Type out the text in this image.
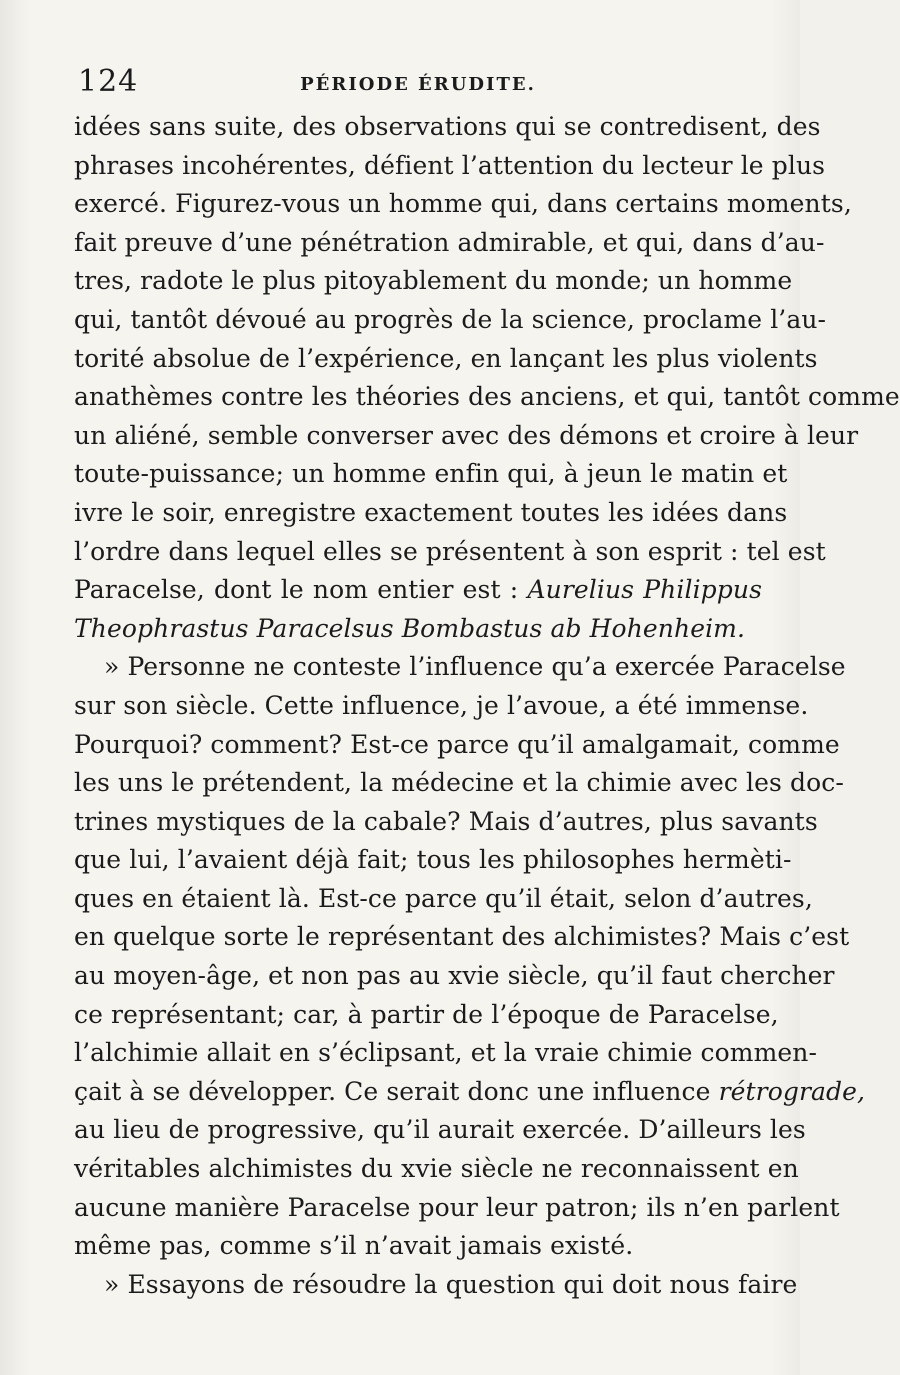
124	PÉRIODE ÉRUDITE.
idées sans suite, des observations qui se contredisent, des
phrases incohérentes, défient l’attention du lecteur le plus
exercé. Figurez-vous un homme qui, dans certains moments,
fait preuve d’une pénétration admirable, et qui, dans d’au-
tres, radote le plus pitoyablement du monde; un homme
qui, tantôt dévoué au progrès de la science, proclame l’au-
torité absolue de l’expérience, en lançant les plus violents
anathèmes contre les théories des anciens, et qui, tantôt comme
un aliéné, semble converser avec des démons et croire à leur
toute-puissance; un homme enfin qui, à jeun le matin et
ivre le soir, enregistre exactement toutes les idées dans
l’ordre dans lequel elles se présentent à son esprit : tel est
Paracelse, dont le nom entier est : Aurelius Philippus
Theophrastus Paracelsus Bombastus ab Hohenheim.
» Personne ne conteste l’influence qu’a exercée Paracelse
sur son siècle. Cette influence, je l’avoue, a été immense.
Pourquoi? comment? Est-ce parce qu’il amalgamait, comme
les uns le prétendent, la médecine et la chimie avec les doc-
trines mystiques de la cabale? Mais d’autres, plus savants
que lui, l’avaient déjà fait; tous les philosophes hermèti-
ques en étaient là. Est-ce parce qu’il était, selon d’autres,
en quelque sorte le représentant des alchimistes? Mais c’est
au moyen-âge, et non pas au xvie siècle, qu’il faut chercher
ce représentant; car, à partir de l’époque de Paracelse,
l’alchimie allait en s’éclipsant, et la vraie chimie commen-
çait à se développer. Ce serait donc une influence rétrograde,
au lieu de progressive, qu’il aurait exercée. D’ailleurs les
véritables alchimistes du xvie siècle ne reconnaissent en
aucune manière Paracelse pour leur patron; ils n’en parlent
même pas, comme s’il n’avait jamais existé.
» Essayons de résoudre la question qui doit nous faire
